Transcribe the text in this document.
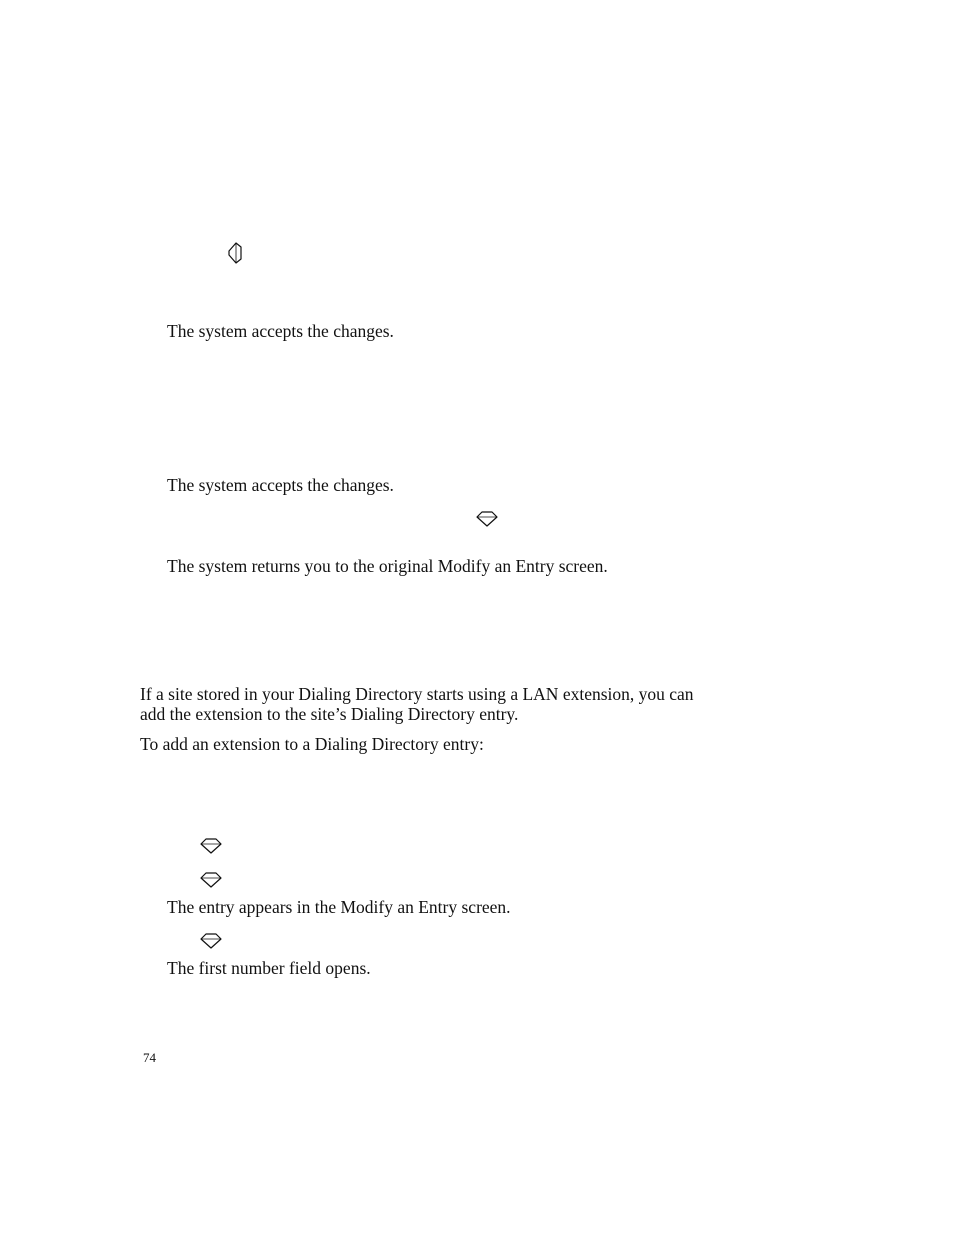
The system accepts the changes.

The system accepts the changes.

The system returns you to the original Modify an Entry screen.

If a site stored in your Dialing Directory starts using a LAN extension, you can

add the extension to the site’s Dialing Directory entry.

To add an extension to a Dialing Directory entry:

The entry appears in the Modify an Entry screen.

The first number field opens.

74
